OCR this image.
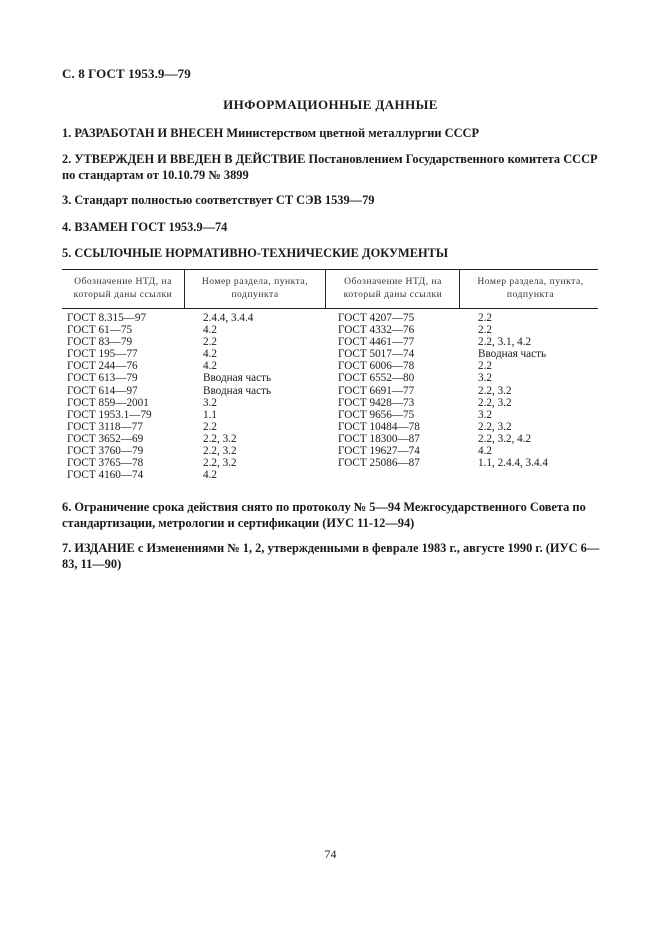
С. 8 ГОСТ 1953.9—79
ИНФОРМАЦИОННЫЕ ДАННЫЕ
1. РАЗРАБОТАН И ВНЕСЕН Министерством цветной металлургии СССР
2. УТВЕРЖДЕН И ВВЕДЕН В ДЕЙСТВИЕ Постановлением Государственного комитета СССР по стандартам от 10.10.79 № 3899
3. Стандарт полностью соответствует СТ СЭВ 1539—79
4. ВЗАМЕН ГОСТ 1953.9—74
5. ССЫЛОЧНЫЕ НОРМАТИВНО-ТЕХНИЧЕСКИЕ ДОКУМЕНТЫ
Обозначение НТД, на который даны ссылки
Номер раздела, пункта, подпункта
Обозначение НТД, на который даны ссылки
Номер раздела, пункта, подпункта
ГОСТ 8.315—97
ГОСТ 61—75
ГОСТ 83—79
ГОСТ 195—77
ГОСТ 244—76
ГОСТ 613—79
ГОСТ 614—97
ГОСТ 859—2001
ГОСТ 1953.1—79
ГОСТ 3118—77
ГОСТ 3652—69
ГОСТ 3760—79
ГОСТ 3765—78
ГОСТ 4160—74
2.4.4, 3.4.4
4.2
2.2
4.2
4.2
Вводная часть
Вводная часть
3.2
1.1
2.2
2.2, 3.2
2.2, 3.2
2.2, 3.2
4.2
ГОСТ 4207—75
ГОСТ 4332—76
ГОСТ 4461—77
ГОСТ 5017—74
ГОСТ 6006—78
ГОСТ 6552—80
ГОСТ 6691—77
ГОСТ 9428—73
ГОСТ 9656—75
ГОСТ 10484—78
ГОСТ 18300—87
ГОСТ 19627—74
ГОСТ 25086—87
2.2
2.2
2.2, 3.1, 4.2
Вводная часть
2.2
3.2
2.2, 3.2
2.2, 3.2
3.2
2.2, 3.2
2.2, 3.2, 4.2
4.2
1.1, 2.4.4, 3.4.4
6. Ограничение срока действия снято по протоколу № 5—94 Межгосударственного Совета по стандартизации, метрологии и сертификации (ИУС 11-12—94)
7. ИЗДАНИЕ с Изменениями № 1, 2, утвержденными в феврале 1983 г., августе 1990 г. (ИУС 6—83, 11—90)
74
